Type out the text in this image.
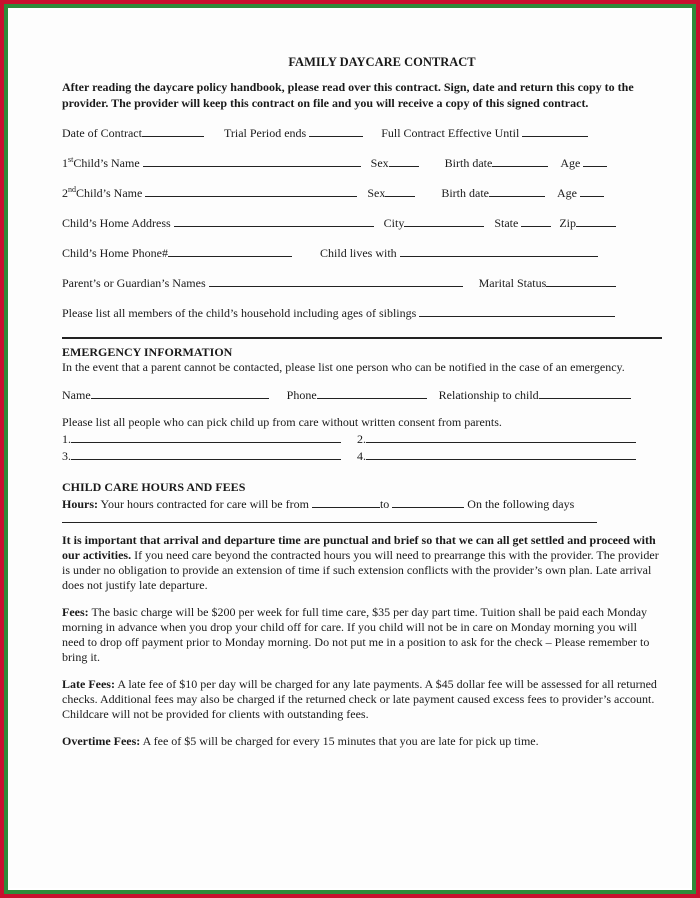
FAMILY DAYCARE CONTRACT
After reading the daycare policy handbook, please read over this contract. Sign, date and return this copy to the provider. The provider will keep this contract on file and you will receive a copy of this signed contract.
Date of Contract	Trial Period ends	Full Contract Effective Until
1stChild’s Name	Sex	Birth date	Age
2ndChild’s Name	Sex	Birth date	Age
Child’s Home Address	City	State	Zip
Child’s Home Phone#	Child lives with
Parent’s or Guardian’s Names	Marital Status
Please list all members of the child’s household including ages of siblings
EMERGENCY INFORMATION
In the event that a parent cannot be contacted, please list one person who can be notified in the case of an emergency.
Name	Phone	Relationship to child
Please list all people who can pick child up from care without written consent from parents.
1.	2.
3.	4.
CHILD CARE HOURS AND FEES
Hours: Your hours contracted for care will be from	to	On the following days
It is important that arrival and departure time are punctual and brief so that we can all get settled and proceed with our activities. If you need care beyond the contracted hours you will need to prearrange this with the provider. The provider is under no obligation to provide an extension of time if such extension conflicts with the provider’s own plan. Late arrival does not justify late departure.
Fees: The basic charge will be $200 per week for full time care, $35 per day part time. Tuition shall be paid each Monday morning in advance when you drop your child off for care. If you child will not be in care on Monday morning you will need to drop off payment prior to Monday morning. Do not put me in a position to ask for the check – Please remember to bring it.
Late Fees: A late fee of $10 per day will be charged for any late payments. A $45 dollar fee will be assessed for all returned checks. Additional fees may also be charged if the returned check or late payment caused excess fees to provider’s account. Childcare will not be provided for clients with outstanding fees.
Overtime Fees: A fee of $5 will be charged for every 15 minutes that you are late for pick up time.
